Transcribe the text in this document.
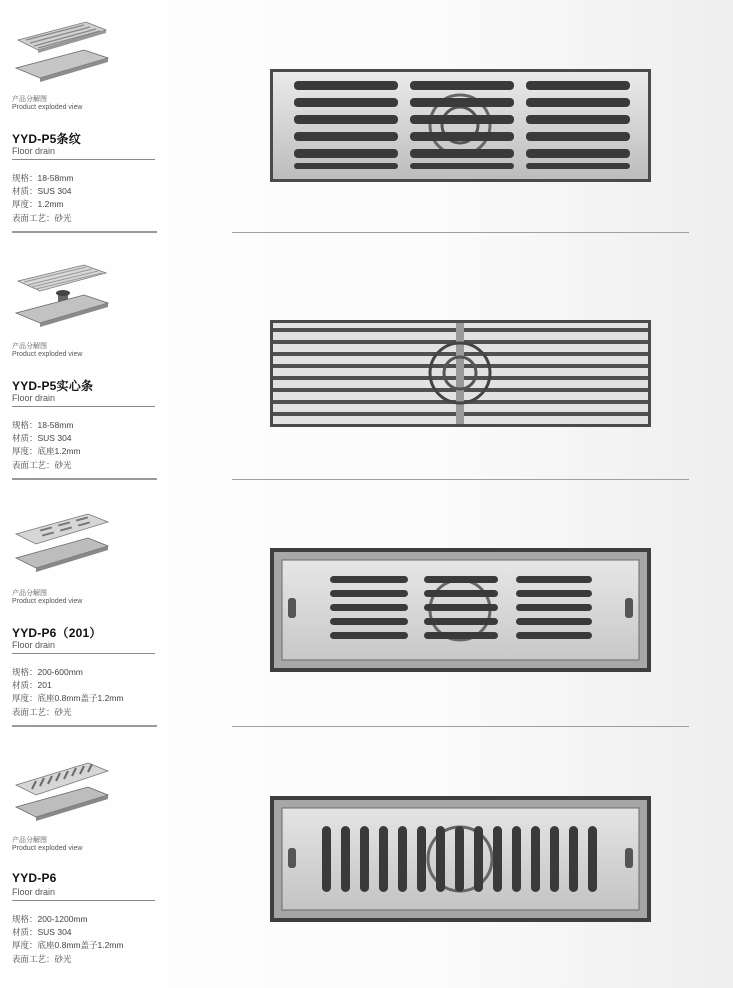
产品分解图
Product exploded view
YYD-P5条纹
Floor drain
规格：18-58mm
材质：SUS 304
厚度：1.2mm
表面工艺：砂光
产品分解图
Product exploded view
YYD-P5实心条
Floor drain
规格：18-58mm
材质：SUS 304
厚度：底座1.2mm
表面工艺：砂光
产品分解图
Product exploded view
YYD-P6（201）
Floor drain
规格：200-600mm
材质：201
厚度：底座0.8mm盖子1.2mm
表面工艺：砂光
产品分解图
Product exploded view
YYD-P6
Floor drain
规格：200-1200mm
材质：SUS 304
厚度：底座0.8mm盖子1.2mm
表面工艺：砂光
